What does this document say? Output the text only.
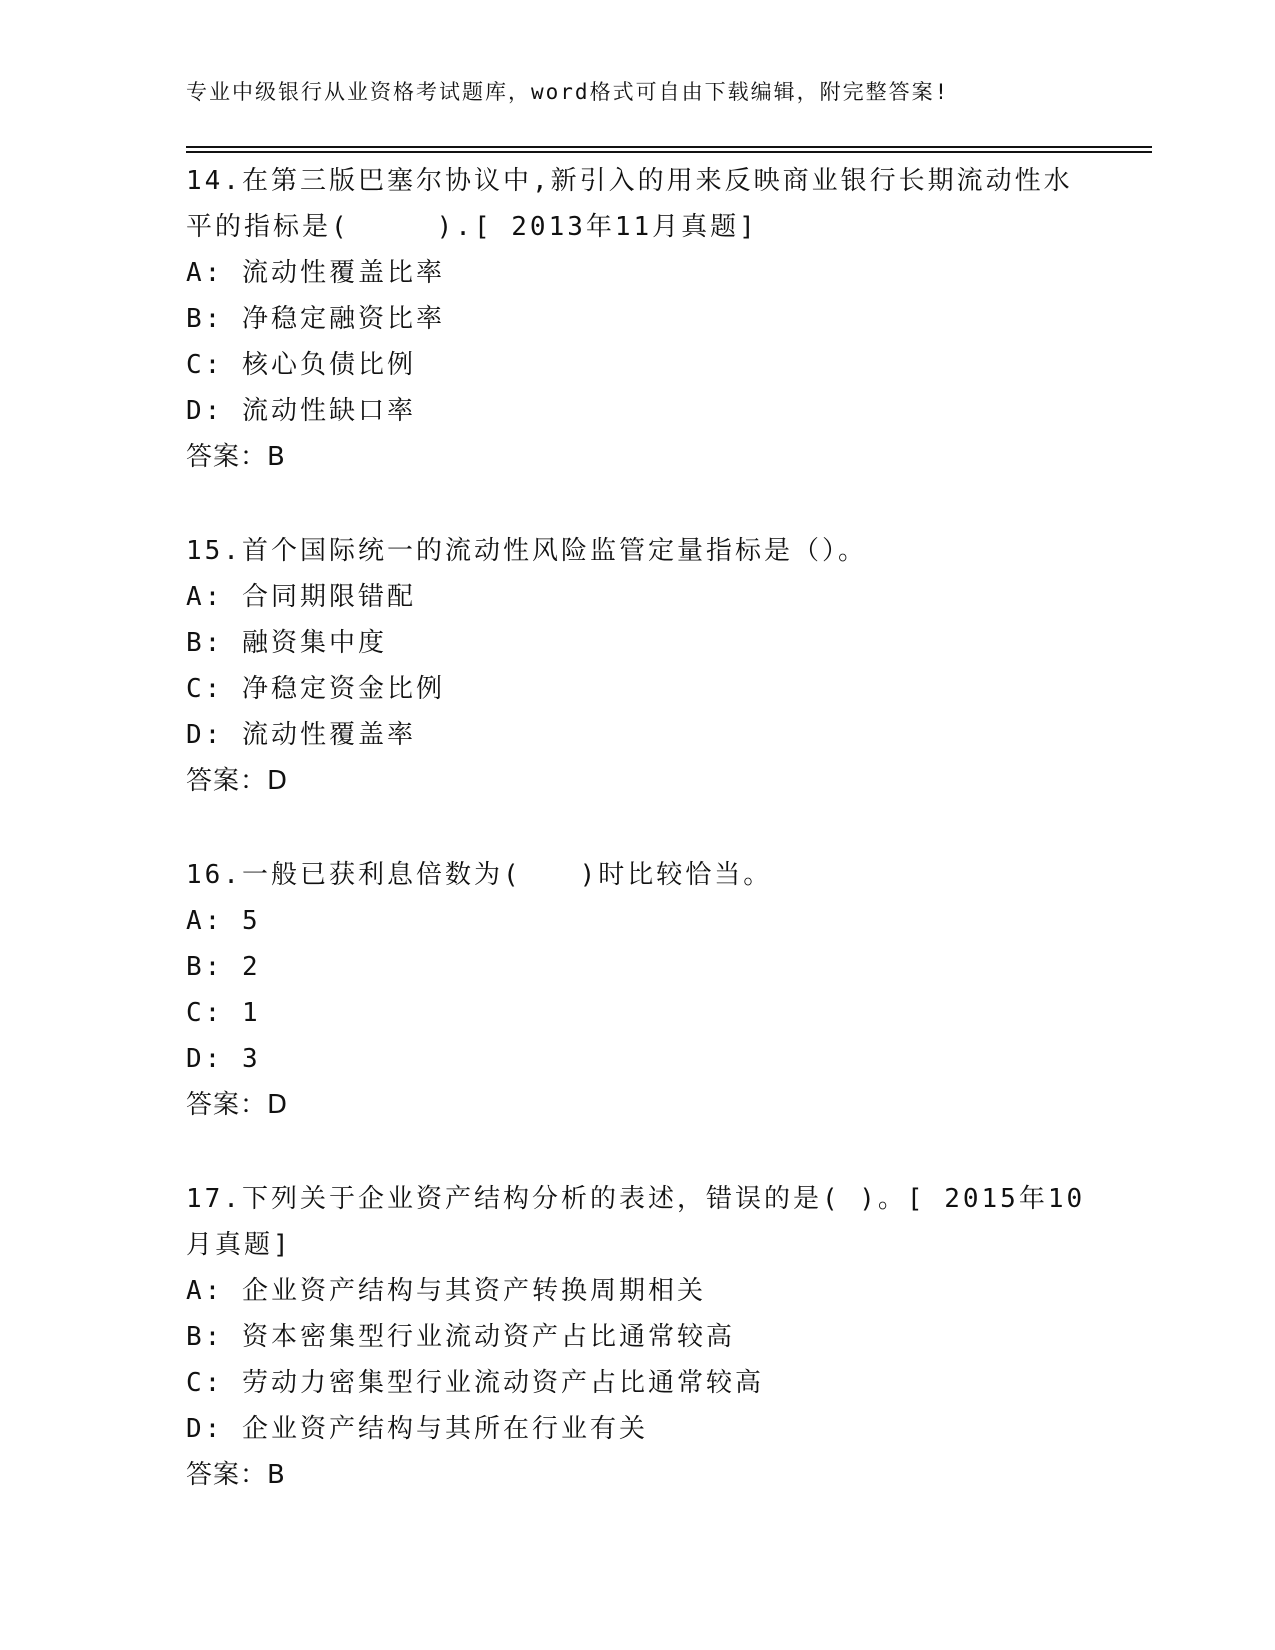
专业中级银行从业资格考试题库，word格式可自由下载编辑，附完整答案!

14.在第三版巴塞尔协议中,新引入的用来反映商业银行长期流动性水平的指标是(　　　).[ 2013年11月真题]

A: 流动性覆盖比率
B: 净稳定融资比率
C: 核心负债比例
D: 流动性缺口率
答案：B

15.首个国际统一的流动性风险监管定量指标是（）。

A: 合同期限错配
B: 融资集中度
C: 净稳定资金比例
D: 流动性覆盖率
答案：D

16.一般已获利息倍数为(　　)时比较恰当。

A: 5
B: 2
C: 1
D: 3
答案：D

17.下列关于企业资产结构分析的表述，错误的是( )。[ 2015年10月真题]

A: 企业资产结构与其资产转换周期相关
B: 资本密集型行业流动资产占比通常较高
C: 劳动力密集型行业流动资产占比通常较高
D: 企业资产结构与其所在行业有关
答案：B
